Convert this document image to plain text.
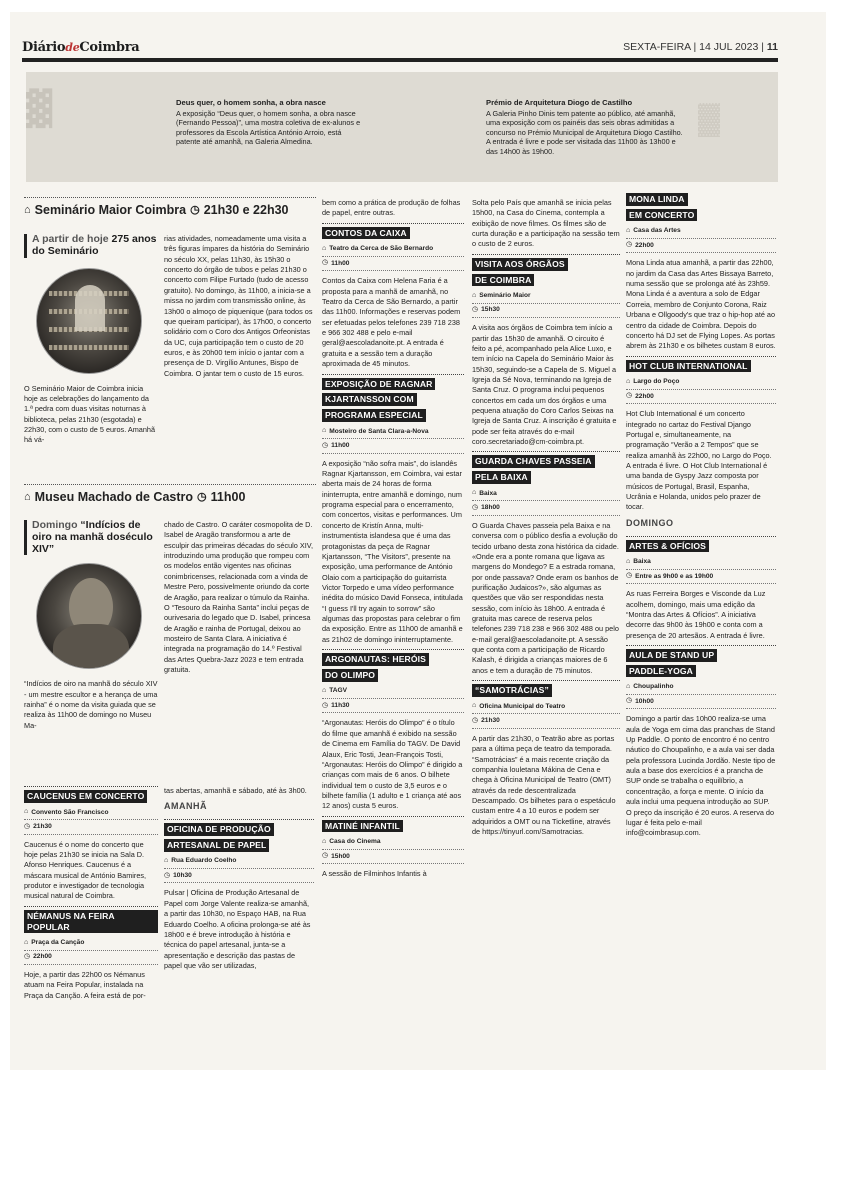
DiáriodeCoimbra	SEXTA-FEIRA | 14 JUL 2023 | 11
▓	▓
Deus quer, o homem sonha, a obra nasce
A exposição “Deus quer, o homem sonha, a obra nasce (Fernando Pessoa)”, uma mostra coletiva de ex-alunos e professores da Escola Artística António Arroio, está patente até amanhã, na Galeria Almedina.
Prémio de Arquitetura Diogo de Castilho
A Galeria Pinho Dinis tem patente ao público, até amanhã, uma exposição com os painéis das seis obras admitidas a concurso no Prémio Municipal de Arquitetura Diogo Castilho. A entrada é livre e pode ser visitada das 11h00 às 13h00 e das 14h00 às 19h00.
⌂ Seminário Maior Coimbra ◷ 21h30 e 22h30
A partir de hoje 275 anos do Seminário

O Seminário Maior de Coimbra inicia hoje as celebrações do lançamento da 1.ª pedra com duas visitas noturnas à biblioteca, pelas 21h30 (esgotada) e 22h30, com o custo de 5 euros. Amanhã há vá-

rias atividades, nomeadamente uma visita a três figuras ímpares da história do Seminário no século XX, pelas 11h30, às 15h30 o concerto do órgão de tubos e pelas 21h30 o concerto com Filipe Furtado (tudo de acesso gratuito). No domingo, às 11h00, a inicia-se a missa no jardim com transmissão online, às 13h00 o almoço de piquenique (para todos os que queiram participar), às 17h00, o concerto solidário com o Coro dos Antigos Orfeonistas da UC, cuja participação tem o custo de 20 euros, e às 20h00 tem início o jantar com a presença de D. Virgílio Antunes, Bispo de Coimbra. O jantar tem o custo de 15 euros.

⌂ Museu Machado de Castro ◷ 11h00
Domingo “Indícios de oiro na manhã doséculo XIV”

“Indícios de oiro na manhã do século XIV - um mestre escultor e a herança de uma rainha” é o nome da visita guiada que se realiza às 11h00 de domingo no Museu Ma-

chado de Castro. O caráter cosmopolita de D. Isabel de Aragão transformou a arte de esculpir das primeiras décadas do século XIV, introduzindo uma produção que rompeu com os modelos então vigentes nas oficinas conimbricenses, relacionada com a vinda de Mestre Pero, possivelmente oriundo da corte de Aragão, para realizar o túmulo da Rainha. O “Tesouro da Rainha Santa” inclui peças de ourivesaria do legado que D. Isabel, princesa de Aragão e rainha de Portugal, deixou ao mosteiro de Santa Clara. A iniciativa é integrada na programação do 14.º Festival das Artes Quebra-Jazz 2023 e tem entrada gratuita.

CAUCENUS EM CONCERTO
⌂ Convento São Francisco
◷ 21h30

Caucenus é o nome do concerto que hoje pelas 21h30 se inicia na Sala D. Afonso Henriques. Caucenus é a máscara musical de António Bamires, produtor e investigador de tecnologia musical natural de Coimbra.

NÉMANUS NA FEIRA POPULAR
⌂ Praça da Canção
◷ 22h00

Hoje, a partir das 22h00 os Némanus atuam na Feira Popular, instalada na Praça da Canção. A feira está de por-

tas abertas, amanhã e sábado, até às 3h00.

AMANHÃ
OFICINA DE PRODUÇÃO
ARTESANAL DE PAPEL
⌂ Rua Eduardo Coelho
◷ 10h30

Pulsar | Oficina de Produção Artesanal de Papel com Jorge Valente realiza-se amanhã, a partir das 10h30, no Espaço HAB, na Rua Eduardo Coelho. A oficina prolonga-se até às 18h00 e é breve introdução à história e técnica do papel artesanal, junta-se a apresentação e descrição das pastas de papel que vão ser utilizadas,

bem como a prática de produção de folhas de papel, entre outras.

CONTOS DA CAIXA
⌂ Teatro da Cerca de São Bernardo
◷ 11h00

Contos da Caixa com Helena Faria é a proposta para a manhã de amanhã, no Teatro da Cerca de São Bernardo, a partir das 11h00. Informações e reservas podem ser efetuadas pelos telefones 239 718 238 e 966 302 488 e pelo e-mail geral@aescoladanoite.pt. A entrada é gratuita e a sessão tem a duração aproximada de 45 minutos.

EXPOSIÇÃO DE RAGNAR
KJARTANSSON COM
PROGRAMA ESPECIAL
⌂ Mosteiro de Santa Clara-a-Nova
◷ 11h00

A exposição “não sofra mais”, do islandês Ragnar Kjartansson, em Coimbra, vai estar aberta mais de 24 horas de forma ininterrupta, entre amanhã e domingo, num programa especial para o encerramento, com concertos, visitas e performances. Um concerto de Kristín Anna, multi-instrumentista islandesa que é uma das protagonistas da peça de Ragnar Kjartansson, “The Visitors”, presente na exposição, uma performance de António Olaio com a participação do guitarrista Victor Torpedo e uma vídeo performance inédita do músico David Fonseca, intitulada “I guess I'll try again to sorrow” são algumas das propostas para celebrar o fim da exposição. Entre as 11h00 de amanhã e as 21h02 de domingo ininterruptamente.

ARGONAUTAS: HERÓIS
DO OLIMPO
⌂ TAGV
◷ 11h30

“Argonautas: Heróis do Olimpo” é o título do filme que amanhã é exibido na sessão de Cinema em Família do TAGV. De David Alaux, Eric Tosti, Jean-François Tosti, “Argonautas: Heróis do Olimpo” é dirigido a crianças com mais de 6 anos. O bilhete individual tem o custo de 3,5 euros e o bilhete família (1 adulto e 1 criança até aos 12 anos) custa 5 euros.

MATINÉ INFANTIL
⌂ Casa do Cinema
◷ 15h00

A sessão de Filminhos Infantis à

Solta pelo País que amanhã se inicia pelas 15h00, na Casa do Cinema, contempla a exibição de nove filmes. Os filmes são de curta duração e a participação na sessão tem o custo de 2 euros.

VISITA AOS ÓRGÃOS
DE COIMBRA
⌂ Seminário Maior
◷ 15h30

A visita aos órgãos de Coimbra tem início a partir das 15h30 de amanhã. O circuito é feito a pé, acompanhado pela Alice Luxo, e tem início na Capela do Seminário Maior às 15h30, seguindo-se a Capela de S. Miguel a Igreja da Sé Nova, terminando na Igreja de Santa Cruz. O programa inclui pequenos concertos em cada um dos órgãos e uma pequena atuação do Coro Carlos Seixas na Igreja de Santa Cruz. A inscrição é gratuita e pode ser feita através do e-mail coro.secretariado@cm-coimbra.pt.

GUARDA CHAVES PASSEIA
PELA BAIXA
⌂ Baixa
◷ 18h00

O Guarda Chaves passeia pela Baixa e na conversa com o público desfia a evolução do tecido urbano desta zona histórica da cidade. «Onde era a ponte romana que ligava as margens do Mondego? E a estrada romana, por onde passava? Onde eram os banhos de purificação Judaicos?», são algumas as questões que vão ser respondidas nesta sessão, com início às 18h00. A entrada é gratuita mas carece de reserva pelos telefones 239 718 238 e 966 302 488 ou pelo e-mail geral@aescoladanoite.pt. A sessão que conta com a participação de Ricardo Kalash, é dirigida a crianças maiores de 6 anos e tem a duração de 75 minutos.

“SAMOTRÁCIAS”
⌂ Oficina Municipal do Teatro
◷ 21h30

A partir das 21h30, o Teatrão abre as portas para a última peça de teatro da temporada. “Samotrácias” é a mais recente criação da companhia louletana Mákina de Cena e chega à Oficina Municipal de Teatro (OMT) através da rede descentralizada Descampado. Os bilhetes para o espetáculo custam entre 4 a 10 euros e podem ser adquiridos a OMT ou na Ticketline, através de https://tinyurl.com/Samotracias.

MONA LINDA
EM CONCERTO
⌂ Casa das Artes
◷ 22h00

Mona Linda atua amanhã, a partir das 22h00, no jardim da Casa das Artes Bissaya Barreto, numa sessão que se prolonga até às 23h59. Mona Linda é a aventura a solo de Edgar Correia, membro de Conjunto Corona, Raiz Urbana e Ollgoody's que traz o hip-hop até ao centro da cidade de Coimbra. Depois do concerto há DJ set de Flying Lopes. As portas abrem às 21h30 e os bilhetes custam 8 euros.

HOT CLUB INTERNATIONAL
⌂ Largo do Poço
◷ 22h00

Hot Club International é um concerto integrado no cartaz do Festival Django Portugal e, simultaneamente, na programação “Verão a 2 Tempos” que se realiza amanhã às 22h00, no Largo do Poço. A entrada é livre. O Hot Club International é uma banda de Gyspy Jazz composta por músicos de Portugal, Brasil, Espanha, Ucrânia e Holanda, unidos pelo prazer de tocar.

DOMINGO
ARTES & OFÍCIOS
⌂ Baixa
◷ Entre as 9h00 e as 19h00

As ruas Ferreira Borges e Visconde da Luz acolhem, domingo, mais uma edição da “Montra das Artes & Ofícios”. A iniciativa decorre das 9h00 às 19h00 e conta com a presença de 20 artesãos. A entrada é livre.

AULA DE STAND UP
PADDLE-YOGA
⌂ Choupalinho
◷ 10h00

Domingo a partir das 10h00 realiza-se uma aula de Yoga em cima das pranchas de Stand Up Paddle. O ponto de encontro é no centro náutico do Choupalinho, e a aula vai ser dada pela professora Lucinda Jordão. Neste tipo de aula a base dos exercícios é a prancha de SUP onde se trabalha o equilíbrio, a concentração, a força e mente. O início da aula inclui uma pequena introdução ao SUP. O preço da inscrição é 20 euros. A reserva do lugar é feita pelo e-mail info@coimbrasup.com.
